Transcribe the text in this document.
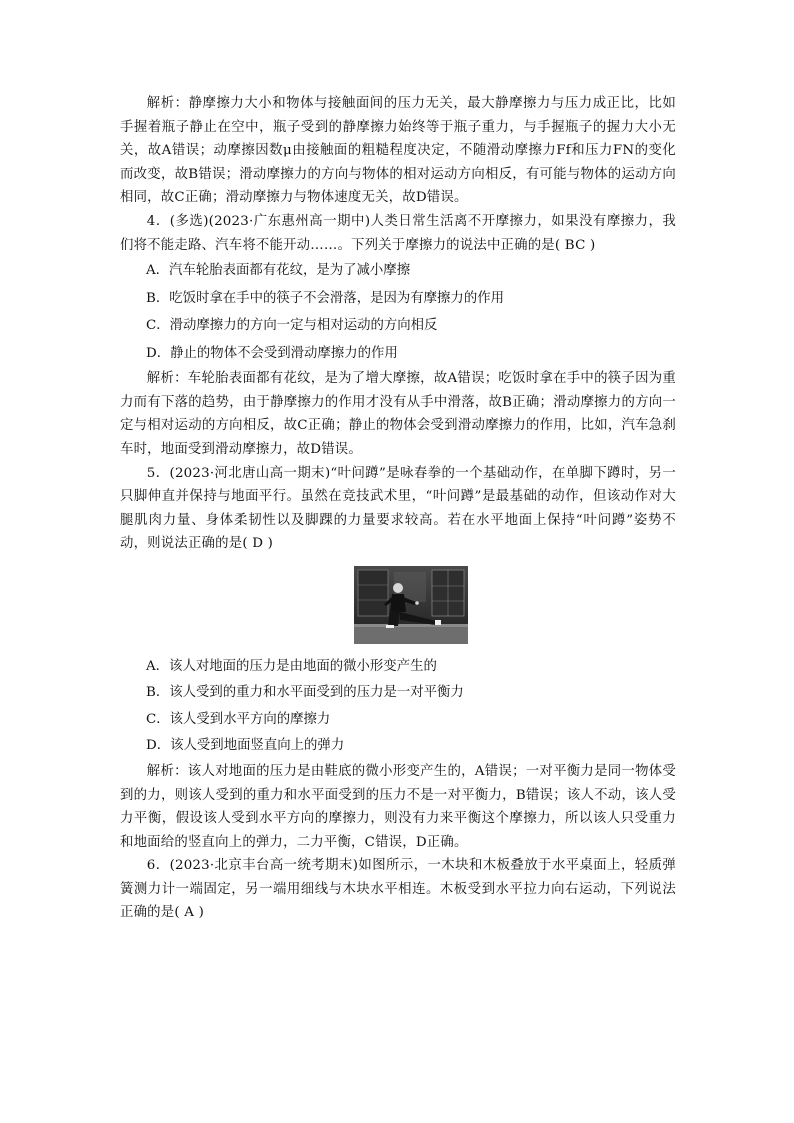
解析：静摩擦力大小和物体与接触面间的压力无关，最大静摩擦力与压力成正比，比如手握着瓶子静止在空中，瓶子受到的静摩擦力始终等于瓶子重力，与手握瓶子的握力大小无关，故A错误；动摩擦因数μ由接触面的粗糙程度决定，不随滑动摩擦力Ff和压力FN的变化而改变，故B错误；滑动摩擦力的方向与物体的相对运动方向相反，有可能与物体的运动方向相同，故C正确；滑动摩擦力与物体速度无关，故D错误。

4．(多选)(2023·广东惠州高一期中)人类日常生活离不开摩擦力，如果没有摩擦力，我们将不能走路、汽车将不能开动……。下列关于摩擦力的说法中正确的是( BC )

A．汽车轮胎表面都有花纹，是为了减小摩擦

B．吃饭时拿在手中的筷子不会滑落，是因为有摩擦力的作用

C．滑动摩擦力的方向一定与相对运动的方向相反

D．静止的物体不会受到滑动摩擦力的作用

解析：车轮胎表面都有花纹，是为了增大摩擦，故A错误；吃饭时拿在手中的筷子因为重力而有下落的趋势，由于静摩擦力的作用才没有从手中滑落，故B正确；滑动摩擦力的方向一定与相对运动的方向相反，故C正确；静止的物体会受到滑动摩擦力的作用，比如，汽车急刹车时，地面受到滑动摩擦力，故D错误。

5．(2023·河北唐山高一期末)“叶问蹲”是咏春拳的一个基础动作，在单脚下蹲时，另一只脚伸直并保持与地面平行。虽然在竞技武术里，“叶问蹲”是最基础的动作，但该动作对大腿肌肉力量、身体柔韧性以及脚踝的力量要求较高。若在水平地面上保持“叶问蹲”姿势不动，则说法正确的是( D )

A．该人对地面的压力是由地面的微小形变产生的

B．该人受到的重力和水平面受到的压力是一对平衡力

C．该人受到水平方向的摩擦力

D．该人受到地面竖直向上的弹力

解析：该人对地面的压力是由鞋底的微小形变产生的，A错误；一对平衡力是同一物体受到的力，则该人受到的重力和水平面受到的压力不是一对平衡力，B错误；该人不动，该人受力平衡，假设该人受到水平方向的摩擦力，则没有力来平衡这个摩擦力，所以该人只受重力和地面给的竖直向上的弹力，二力平衡，C错误，D正确。

6．(2023·北京丰台高一统考期末)如图所示，一木块和木板叠放于水平桌面上，轻质弹簧测力计一端固定，另一端用细线与木块水平相连。木板受到水平拉力向右运动，下列说法正确的是( A )
